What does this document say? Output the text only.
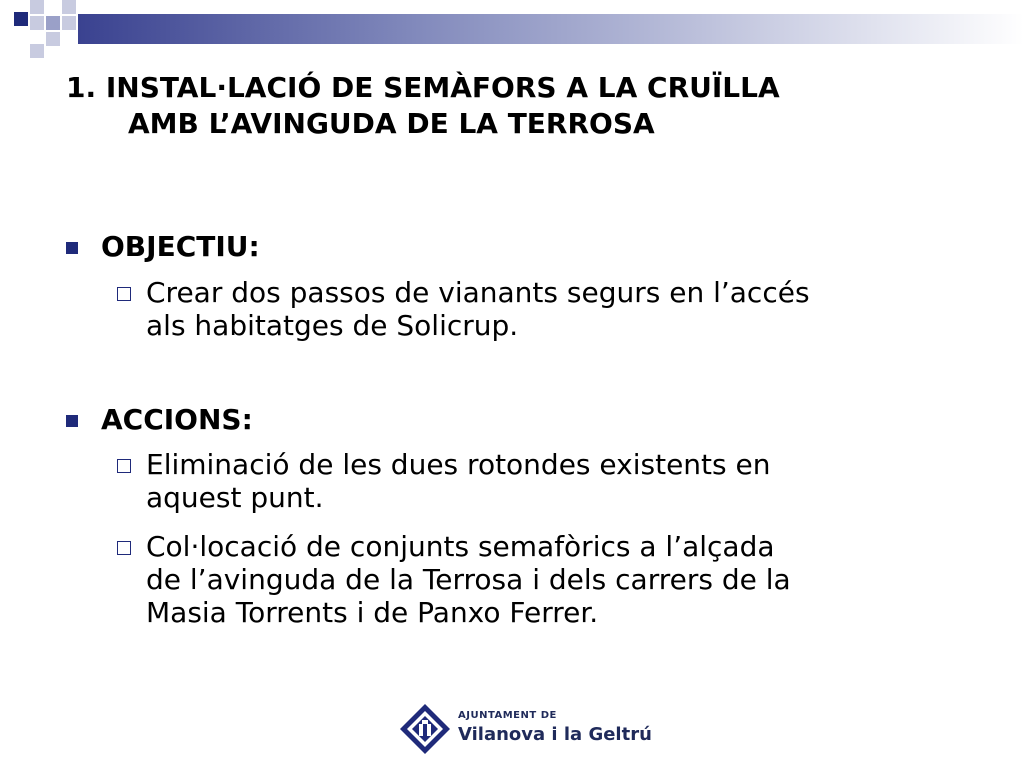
1. INSTAL·LACIÓ DE SEMÀFORS A LA CRUÏLLA
AMB L’AVINGUDA DE LA TERROSA
OBJECTIU:
Crear dos passos de vianants segurs en l’accés
als habitatges de Solicrup.
ACCIONS:
Eliminació de les dues rotondes existents en
aquest punt.
Col·locació de conjunts semafòrics a l’alçada
de l’avinguda de la Terrosa i dels carrers de la
Masia Torrents i de Panxo Ferrer.
AJUNTAMENT DE
Vilanova i la Geltrú
